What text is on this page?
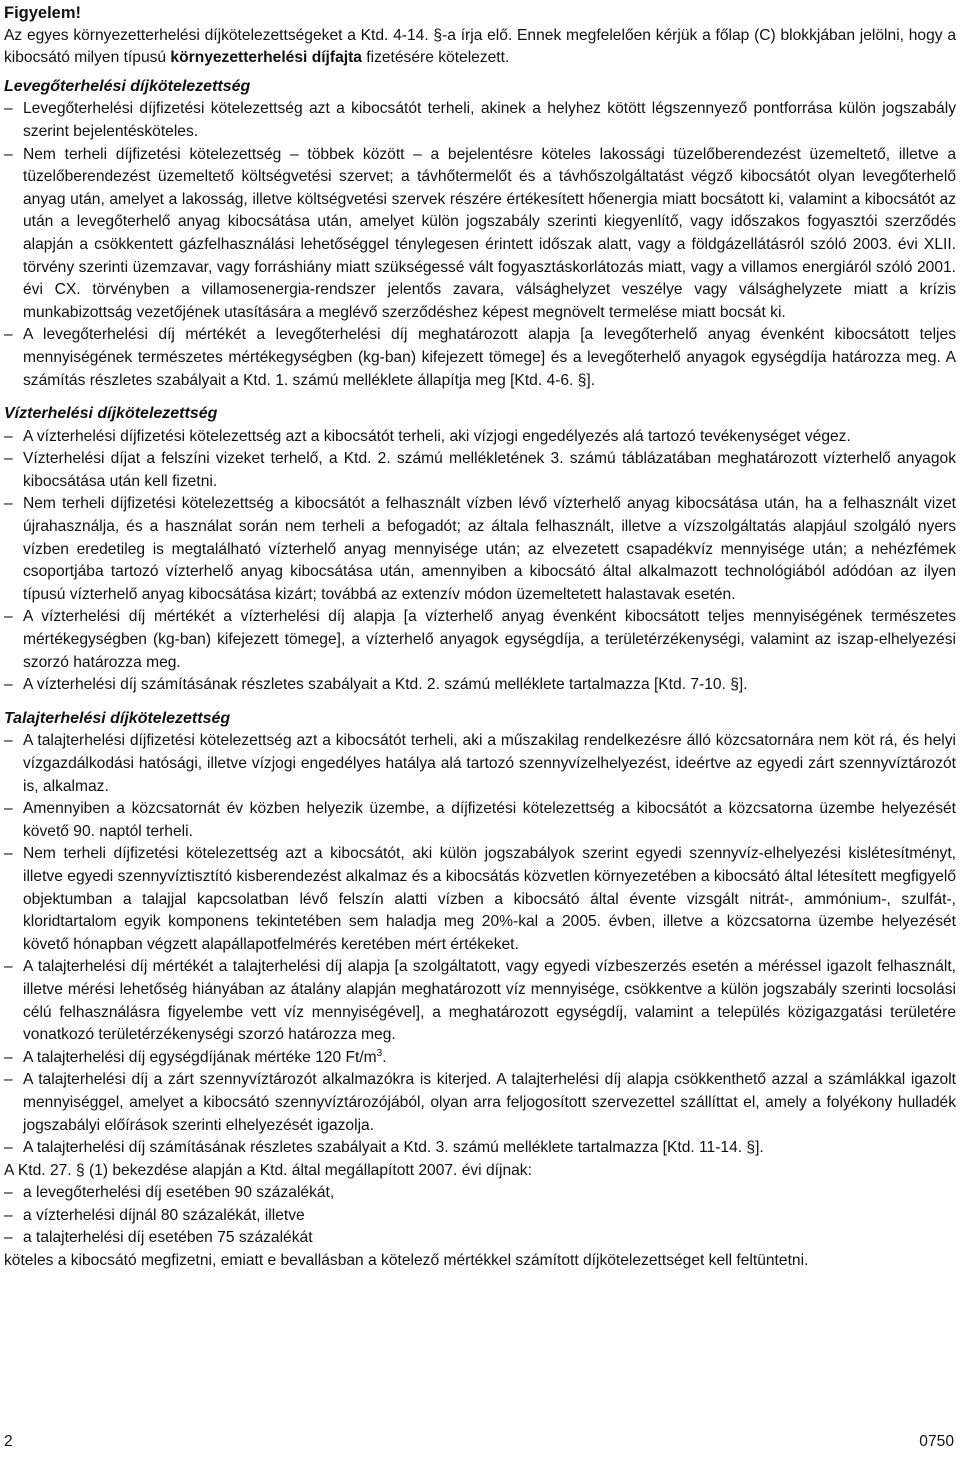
Figyelem!

Az egyes környezetterhelési díjkötelezettségeket a Ktd. 4-14. §-a írja elő. Ennek megfelelően kérjük a főlap (C) blokkjában jelölni, hogy a kibocsátó milyen típusú környezetterhelési díjfajta fizetésére kötelezett.

Levegőterhelési díjkötelezettség

– Levegőterhelési díjfizetési kötelezettség azt a kibocsátót terheli, akinek a helyhez kötött légszennyező pontforrása külön jogszabály szerint bejelentésköteles.
– Nem terheli díjfizetési kötelezettség – többek között – a bejelentésre köteles lakossági tüzelőberendezést üzemeltető, illetve a tüzelőberendezést üzemeltető költségvetési szervet; a távhőtermelőt és a távhőszolgáltatást végző kibocsátót olyan levegőterhelő anyag után, amelyet a lakosság, illetve költségvetési szervek részére értékesített hőenergia miatt bocsátott ki, valamint a kibocsátót az után a levegőterhelő anyag kibocsátása után, amelyet külön jogszabály szerinti kiegyenlítő, vagy időszakos fogyasztói szerződés alapján a csökkentett gázfelhasználási lehetőséggel ténylegesen érintett időszak alatt, vagy a földgázellátásról szóló 2003. évi XLII. törvény szerinti üzemzavar, vagy forráshiány miatt szükségessé vált fogyasztáskorlátozás miatt, vagy a villamos energiáról szóló 2001. évi CX. törvényben a villamosenergia-rendszer jelentős zavara, válsághelyzet veszélye vagy válsághelyzete miatt a krízis munkabizottság vezetőjének utasítására a meglévő szerződéshez képest megnövelt termelése miatt bocsát ki.
– A levegőterhelési díj mértékét a levegőterhelési díj meghatározott alapja [a levegőterhelő anyag évenként kibocsátott teljes mennyiségének természetes mértékegységben (kg-ban) kifejezett tömege] és a levegőterhelő anyagok egységdíja határozza meg. A számítás részletes szabályait a Ktd. 1. számú melléklete állapítja meg [Ktd. 4-6. §].

Vízterhelési díjkötelezettség

– A vízterhelési díjfizetési kötelezettség azt a kibocsátót terheli, aki vízjogi engedélyezés alá tartozó tevékenységet végez.
– Vízterhelési díjat a felszíni vizeket terhelő, a Ktd. 2. számú mellékletének 3. számú táblázatában meghatározott vízterhelő anyagok kibocsátása után kell fizetni.
– Nem terheli díjfizetési kötelezettség a kibocsátót a felhasznált vízben lévő vízterhelő anyag kibocsátása után, ha a felhasznált vizet újrahasználja, és a használat során nem terheli a befogadót; az általa felhasznált, illetve a vízszolgáltatás alapjául szolgáló nyers vízben eredetileg is megtalálható vízterhelő anyag mennyisége után; az elvezetett csapadékvíz mennyisége után; a nehézfémek csoportjába tartozó vízterhelő anyag kibocsátása után, amennyiben a kibocsátó által alkalmazott technológiából adódóan az ilyen típusú vízterhelő anyag kibocsátása kizárt; továbbá az extenzív módon üzemeltetett halastavak esetén.
– A vízterhelési díj mértékét a vízterhelési díj alapja [a vízterhelő anyag évenként kibocsátott teljes mennyiségének természetes mértékegységben (kg-ban) kifejezett tömege], a vízterhelő anyagok egységdíja, a területérzékenységi, valamint az iszap-elhelyezési szorzó határozza meg.
– A vízterhelési díj számításának részletes szabályait a Ktd. 2. számú melléklete tartalmazza [Ktd. 7-10. §].

Talajterhelési díjkötelezettség

– A talajterhelési díjfizetési kötelezettség azt a kibocsátót terheli, aki a műszakilag rendelkezésre álló közcsatornára nem köt rá, és helyi vízgazdálkodási hatósági, illetve vízjogi engedélyes hatálya alá tartozó szennyvízelhelyezést, ideértve az egyedi zárt szennyvíztározót is, alkalmaz.
– Amennyiben a közcsatornát év közben helyezik üzembe, a díjfizetési kötelezettség a kibocsátót a közcsatorna üzembe helyezését követő 90. naptól terheli.
– Nem terheli díjfizetési kötelezettség azt a kibocsátót, aki külön jogszabályok szerint egyedi szennyvíz-elhelyezési kislétesítményt, illetve egyedi szennyvíztisztító kisberendezést alkalmaz és a kibocsátás közvetlen környezetében a kibocsátó által létesített megfigyelő objektumban a talajjal kapcsolatban lévő felszín alatti vízben a kibocsátó által évente vizsgált nitrát-, ammónium-, szulfát-, kloridtartalom egyik komponens tekintetében sem haladja meg 20%-kal a 2005. évben, illetve a közcsatorna üzembe helyezését követő hónapban végzett alapállapotfelmérés keretében mért értékeket.
– A talajterhelési díj mértékét a talajterhelési díj alapja [a szolgáltatott, vagy egyedi vízbeszerzés esetén a méréssel igazolt felhasznált, illetve mérési lehetőség hiányában az átalány alapján meghatározott víz mennyisége, csökkentve a külön jogszabály szerinti locsolási célú felhasználásra figyelembe vett víz mennyiségével], a meghatározott egységdíj, valamint a település közigazgatási területére vonatkozó területérzékenységi szorzó határozza meg.
– A talajterhelési díj egységdíjának mértéke 120 $Ft/m^3$.
– A talajterhelési díj a zárt szennyvíztározót alkalmazókra is kiterjed. A talajterhelési díj alapja csökkenthető azzal a számlákkal igazolt mennyiséggel, amelyet a kibocsátó szennyvíztározójából, olyan arra feljogosított szervezettel szállíttat el, amely a folyékony hulladék jogszabályi előírások szerinti elhelyezését igazolja.
– A talajterhelési díj számításának részletes szabályait a Ktd. 3. számú melléklete tartalmazza [Ktd. 11-14. §].

A Ktd. 27. § (1) bekezdése alapján a Ktd. által megállapított 2007. évi díjnak:

– a levegőterhelési díj esetében 90 százalékát,
– a vízterhelési díjnál 80 százalékát, illetve
– a talajterhelési díj esetében 75 százalékát

köteles a kibocsátó megfizetni, emiatt e bevallásban a kötelező mértékkel számított díjkötelezettséget kell feltüntetni.

2	0750
